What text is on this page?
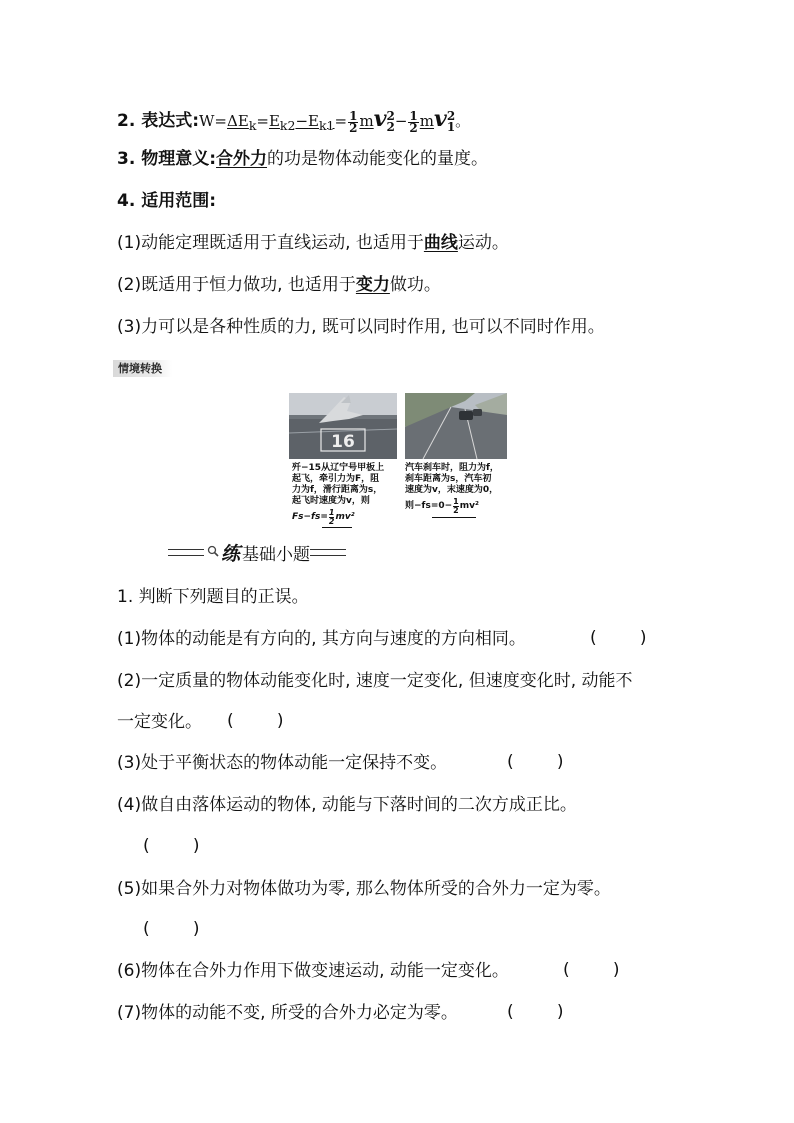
2. 表达式$:W=\Delta E_k=E_{k2}-E_{k1}= \frac{1}{2}$ mv 2
$2 - \frac{1}{2}$ mv 2
1 。
3. 物理意义:合外力的功是物体动能变化的量度。
4. 适用范围:
(1)动能定理既适用于直线运动, 也适用于曲线运动。
(2)既适用于恒力做功, 也适用于变力做功。
(3)力可以是各种性质的力, 既可以同时作用, 也可以不同时作用。
情境转换
16
歼−15从辽宁号甲板上
起飞，牵引力为F，阻
力为f，滑行距离为s，
起飞时速度为v，则
$Fs-fs= \frac{1}{2} mv^2$
汽车刹车时，阻力为f，
刹车距离为s，汽车初
速度为v，末速度为0，
则$-fs=0- \frac{1}{2} mv^2$
练 基础小题
1. 判断下列题目的正误。
(1)物体的动能是有方向的, 其方向与速度的方向相同。	(        )
(2)一定质量的物体动能变化时, 速度一定变化, 但速度变化时, 动能不
一定变化。 (        )
(3)处于平衡状态的物体动能一定保持不变。	(        )
(4)做自由落体运动的物体, 动能与下落时间的二次方成正比。
(        )
(5)如果合外力对物体做功为零, 那么物体所受的合外力一定为零。
(        )
(6)物体在合外力作用下做变速运动, 动能一定变化。	(        )
(7)物体的动能不变, 所受的合外力必定为零。	(        )
